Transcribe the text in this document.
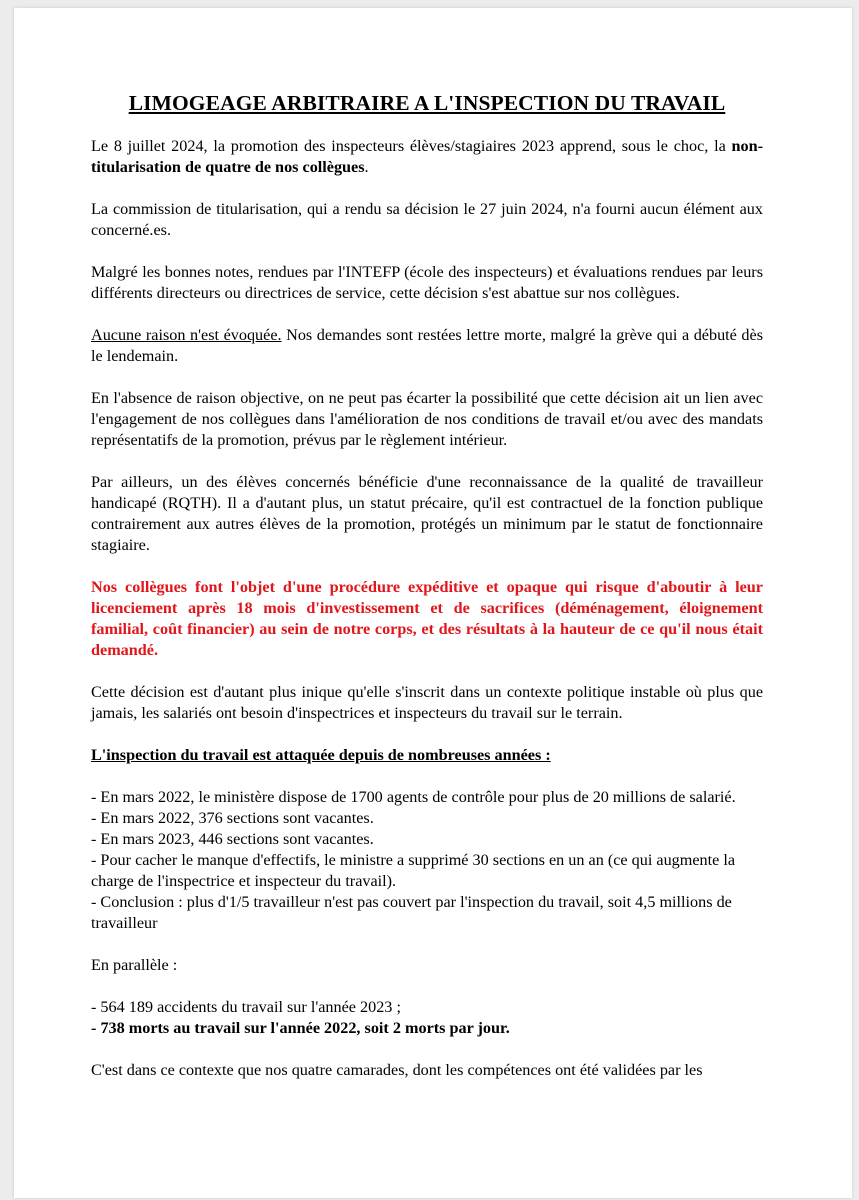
LIMOGEAGE ARBITRAIRE A L'INSPECTION DU TRAVAIL

Le 8 juillet 2024, la promotion des inspecteurs élèves/stagiaires 2023 apprend, sous le choc, la non-titularisation de quatre de nos collègues.

La commission de titularisation, qui a rendu sa décision le 27 juin 2024, n'a fourni aucun élément aux concerné.es.

Malgré les bonnes notes, rendues par l'INTEFP (école des inspecteurs) et évaluations rendues par leurs différents directeurs ou directrices de service, cette décision s'est abattue sur nos collègues.

Aucune raison n'est évoquée. Nos demandes sont restées lettre morte, malgré la grève qui a débuté dès le lendemain.

En l'absence de raison objective, on ne peut pas écarter la possibilité que cette décision ait un lien avec l'engagement de nos collègues dans l'amélioration de nos conditions de travail et/ou avec des mandats représentatifs de la promotion, prévus par le règlement intérieur.

Par ailleurs, un des élèves concernés bénéficie d'une reconnaissance de la qualité de travailleur handicapé (RQTH). Il a d'autant plus, un statut précaire, qu'il est contractuel de la fonction publique contrairement aux autres élèves de la promotion, protégés un minimum par le statut de fonctionnaire stagiaire.

Nos collègues font l'objet d'une procédure expéditive et opaque qui risque d'aboutir à leur licenciement après 18 mois d'investissement et de sacrifices (déménagement, éloignement familial, coût financier) au sein de notre corps, et des résultats à la hauteur de ce qu'il nous était demandé.

Cette décision est d'autant plus inique qu'elle s'inscrit dans un contexte politique instable où plus que jamais, les salariés ont besoin d'inspectrices et inspecteurs du travail sur le terrain.

L'inspection du travail est attaquée depuis de nombreuses années :

- En mars 2022, le ministère dispose de 1700 agents de contrôle pour plus de 20 millions de salarié.

- En mars 2022, 376 sections sont vacantes.

- En mars 2023, 446 sections sont vacantes.

- Pour cacher le manque d'effectifs, le ministre a supprimé 30 sections en un an (ce qui augmente la charge de l'inspectrice et inspecteur du travail).

- Conclusion : plus d'1/5 travailleur n'est pas couvert par l'inspection du travail, soit 4,5 millions de travailleur

En parallèle :

- 564 189 accidents du travail sur l'année 2023 ;

- 738 morts au travail sur l'année 2022, soit 2 morts par jour.

C'est dans ce contexte que nos quatre camarades, dont les compétences ont été validées par les
